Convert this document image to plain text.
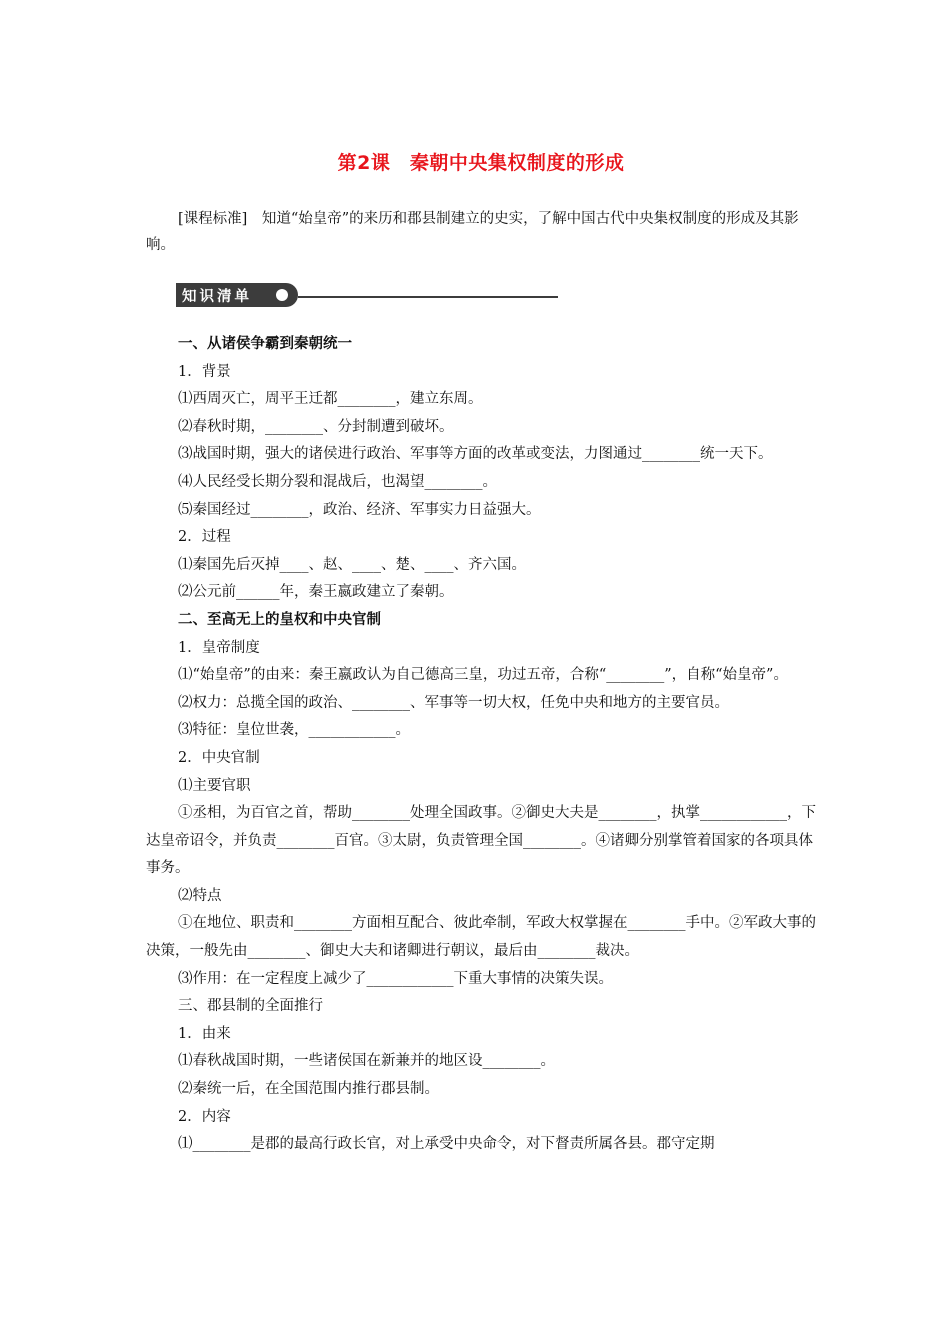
第2课　秦朝中央集权制度的形成
[课程标准]　知道“始皇帝”的来历和郡县制建立的史实，了解中国古代中央集权制度的形成及其影响。
知识清单

一、从诸侯争霸到秦朝统一

1．背景

⑴西周灭亡，周平王迁都________，建立东周。

⑵春秋时期，________、分封制遭到破坏。

⑶战国时期，强大的诸侯进行政治、军事等方面的改革或变法，力图通过________统一天下。

⑷人民经受长期分裂和混战后，也渴望________。

⑸秦国经过________，政治、经济、军事实力日益强大。

2．过程

⑴秦国先后灭掉____、赵、____、楚、____、齐六国。

⑵公元前______年，秦王嬴政建立了秦朝。

二、至高无上的皇权和中央官制

1．皇帝制度

⑴“始皇帝”的由来：秦王嬴政认为自己德高三皇，功过五帝，合称“________”，自称“始皇帝”。

⑵权力：总揽全国的政治、________、军事等一切大权，任免中央和地方的主要官员。

⑶特征：皇位世袭，____________。

2．中央官制

⑴主要官职

①丞相，为百官之首，帮助________处理全国政事。②御史大夫是________，执掌____________，下达皇帝诏令，并负责________百官。③太尉，负责管理全国________。④诸卿分别掌管着国家的各项具体事务。

⑵特点

①在地位、职责和________方面相互配合、彼此牵制，军政大权掌握在________手中。②军政大事的决策，一般先由________、御史大夫和诸卿进行朝议，最后由________裁决。

⑶作用：在一定程度上减少了____________下重大事情的决策失误。

三、郡县制的全面推行

1．由来

⑴春秋战国时期，一些诸侯国在新兼并的地区设________。

⑵秦统一后，在全国范围内推行郡县制。

2．内容

⑴________是郡的最高行政长官，对上承受中央命令，对下督责所属各县。郡守定期
